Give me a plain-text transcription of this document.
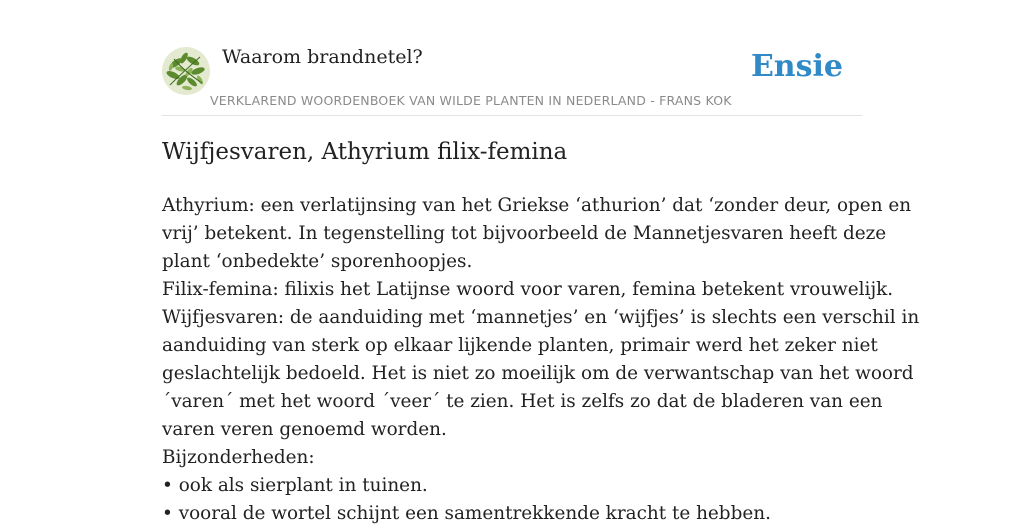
Waarom brandnetel?	Ensie
VERKLAREND WOORDENBOEK VAN WILDE PLANTEN IN NEDERLAND - FRANS KOK
Wijfjesvaren, Athyrium filix-femina
Athyrium: een verlatijnsing van het Griekse ‘athurion’ dat ‘zonder deur, open en
vrij’ betekent. In tegenstelling tot bijvoorbeeld de Mannetjesvaren heeft deze
plant ‘onbedekte’ sporenhoopjes.
Filix-femina: filixis het Latijnse woord voor varen, femina betekent vrouwelijk.
Wijfjesvaren: de aanduiding met ‘mannetjes’ en ‘wijfjes’ is slechts een verschil in
aanduiding van sterk op elkaar lijkende planten, primair werd het zeker niet
geslachtelijk bedoeld. Het is niet zo moeilijk om de verwantschap van het woord
´varen´ met het woord ´veer´ te zien. Het is zelfs zo dat de bladeren van een
varen veren genoemd worden.
Bijzonderheden:
• ook als sierplant in tuinen.
• vooral de wortel schijnt een samentrekkende kracht te hebben.
